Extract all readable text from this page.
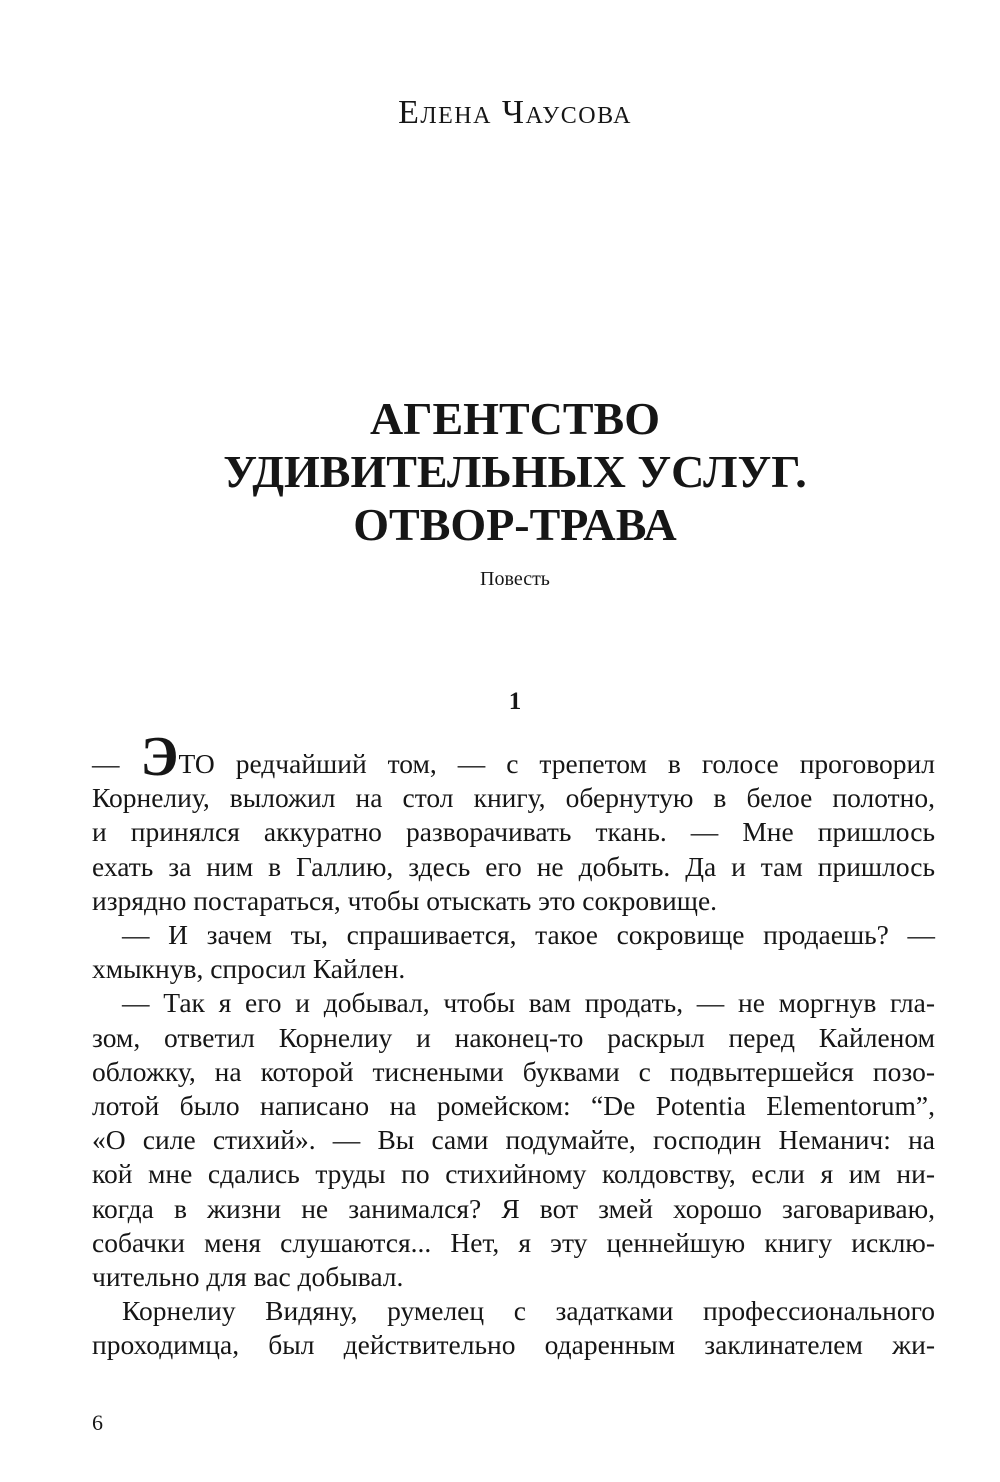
Елена Чаусова
АГЕНТСТВО
УДИВИТЕЛЬНЫХ УСЛУГ.
ОТВОР-ТРАВА
Повесть
1
— ЭТО редчайший том, — с трепетом в голосе проговорил
Корнелиу, выложил на стол книгу, обернутую в белое полотно,
и принялся аккуратно разворачивать ткань. — Мне пришлось
ехать за ним в Галлию, здесь его не добыть. Да и там пришлось
изрядно постараться, чтобы отыскать это сокровище.
— И зачем ты, спрашивается, такое сокровище продаешь? —
хмыкнув, спросил Кайлен.
— Так я его и добывал, чтобы вам продать, — не моргнув гла-
зом, ответил Корнелиу и наконец-то раскрыл перед Кайленом
обложку, на которой тиснеными буквами с подвытершейся позо-
лотой было написано на ромейском: “De Potentia Elementorum”,
«О силе стихий». — Вы сами подумайте, господин Неманич: на
кой мне сдались труды по стихийному колдовству, если я им ни-
когда в жизни не занимался? Я вот змей хорошо заговариваю,
собачки меня слушаются... Нет, я эту ценнейшую книгу исклю-
чительно для вас добывал.
Корнелиу Видяну, румелец с задатками профессионального
проходимца, был действительно одаренным заклинателем жи-
6
